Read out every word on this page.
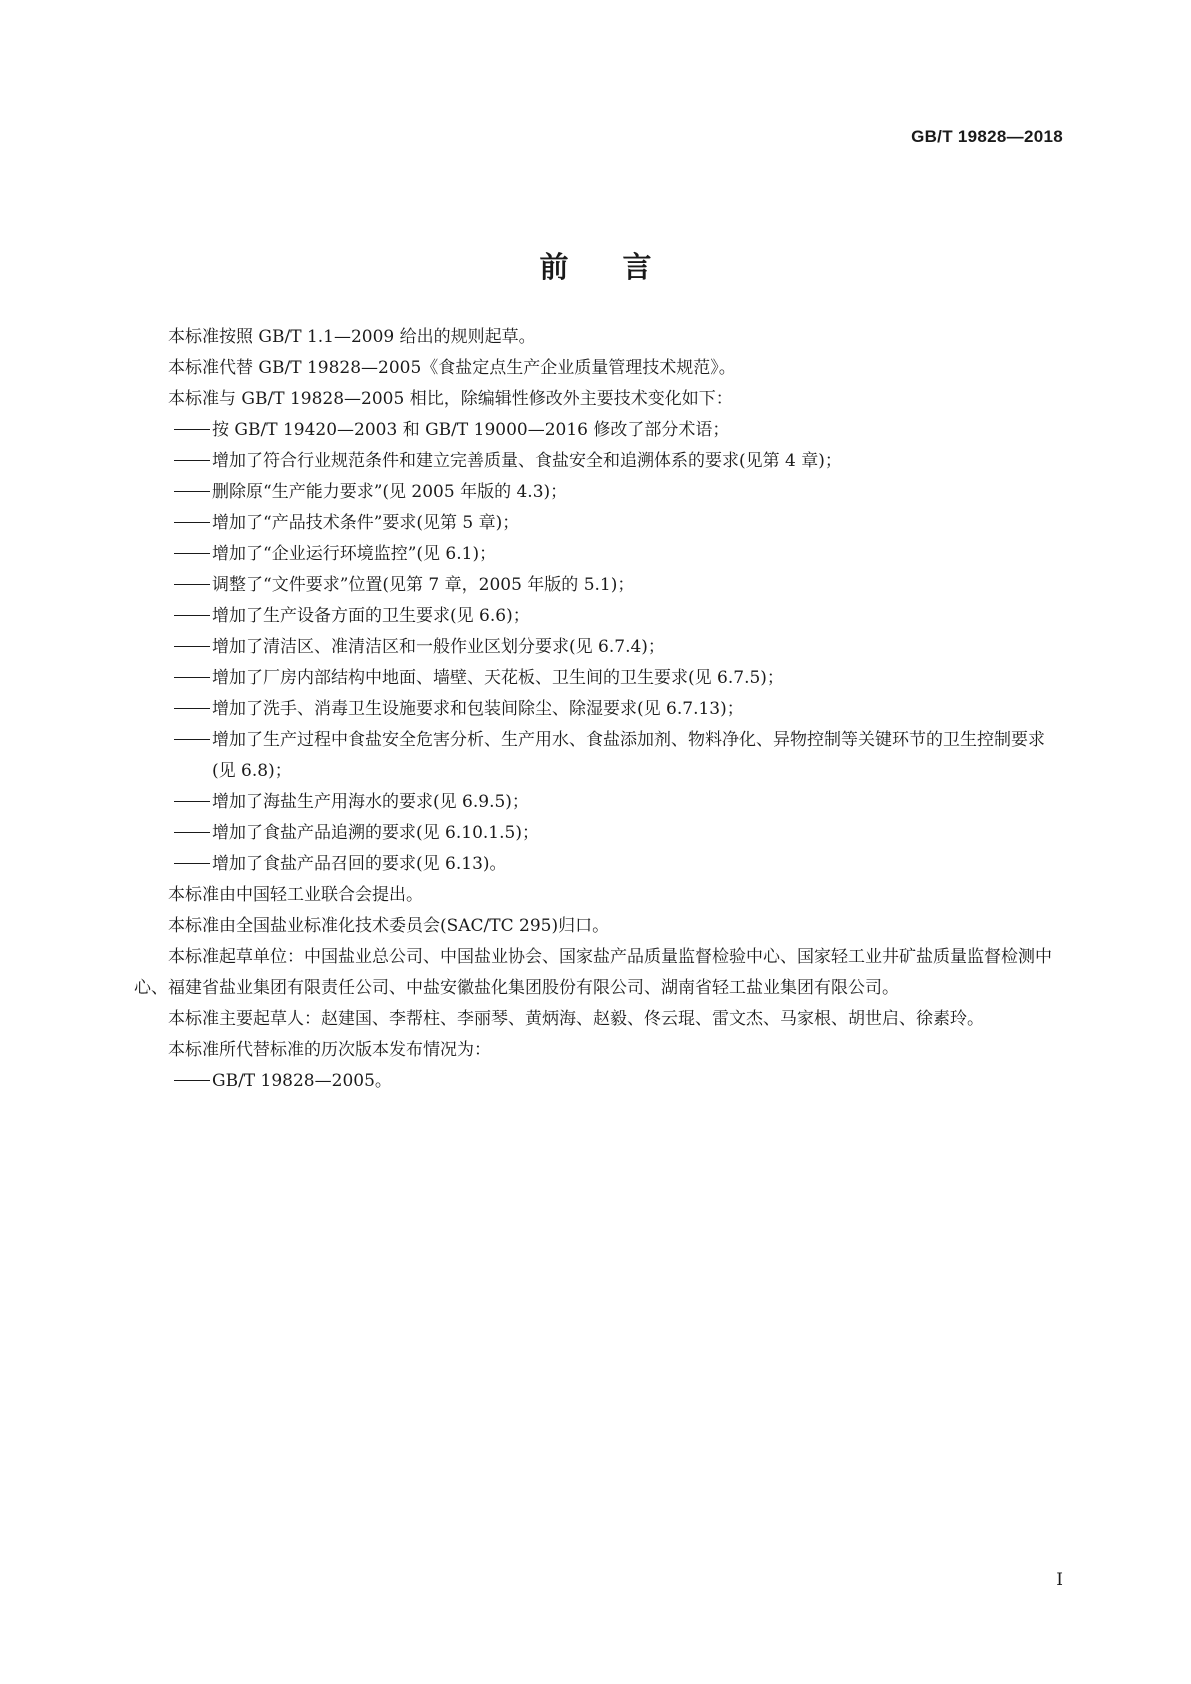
GB/T 19828—2018
前言

本标准按照 GB/T 1.1—2009 给出的规则起草。

本标准代替 GB/T 19828—2005《食盐定点生产企业质量管理技术规范》。

本标准与 GB/T 19828—2005 相比，除编辑性修改外主要技术变化如下：

按 GB/T 19420—2003 和 GB/T 19000—2016 修改了部分术语；

增加了符合行业规范条件和建立完善质量、食盐安全和追溯体系的要求(见第 4 章)；

删除原“生产能力要求”(见 2005 年版的 4.3)；

增加了“产品技术条件”要求(见第 5 章)；

增加了“企业运行环境监控”(见 6.1)；

调整了“文件要求”位置(见第 7 章，2005 年版的 5.1)；

增加了生产设备方面的卫生要求(见 6.6)；

增加了清洁区、准清洁区和一般作业区划分要求(见 6.7.4)；

增加了厂房内部结构中地面、墙壁、天花板、卫生间的卫生要求(见 6.7.5)；

增加了洗手、消毒卫生设施要求和包装间除尘、除湿要求(见 6.7.13)；

增加了生产过程中食盐安全危害分析、生产用水、食盐添加剂、物料净化、异物控制等关键环节的卫生控制要求(见 6.8)；

增加了海盐生产用海水的要求(见 6.9.5)；

增加了食盐产品追溯的要求(见 6.10.1.5)；

增加了食盐产品召回的要求(见 6.13)。

本标准由中国轻工业联合会提出。

本标准由全国盐业标准化技术委员会(SAC/TC 295)归口。

本标准起草单位：中国盐业总公司、中国盐业协会、国家盐产品质量监督检验中心、国家轻工业井矿盐质量监督检测中心、福建省盐业集团有限责任公司、中盐安徽盐化集团股份有限公司、湖南省轻工盐业集团有限公司。

本标准主要起草人：赵建国、李帮柱、李丽琴、黄炳海、赵毅、佟云琨、雷文杰、马家根、胡世启、徐素玲。

本标准所代替标准的历次版本发布情况为：

GB/T 19828—2005。

I
